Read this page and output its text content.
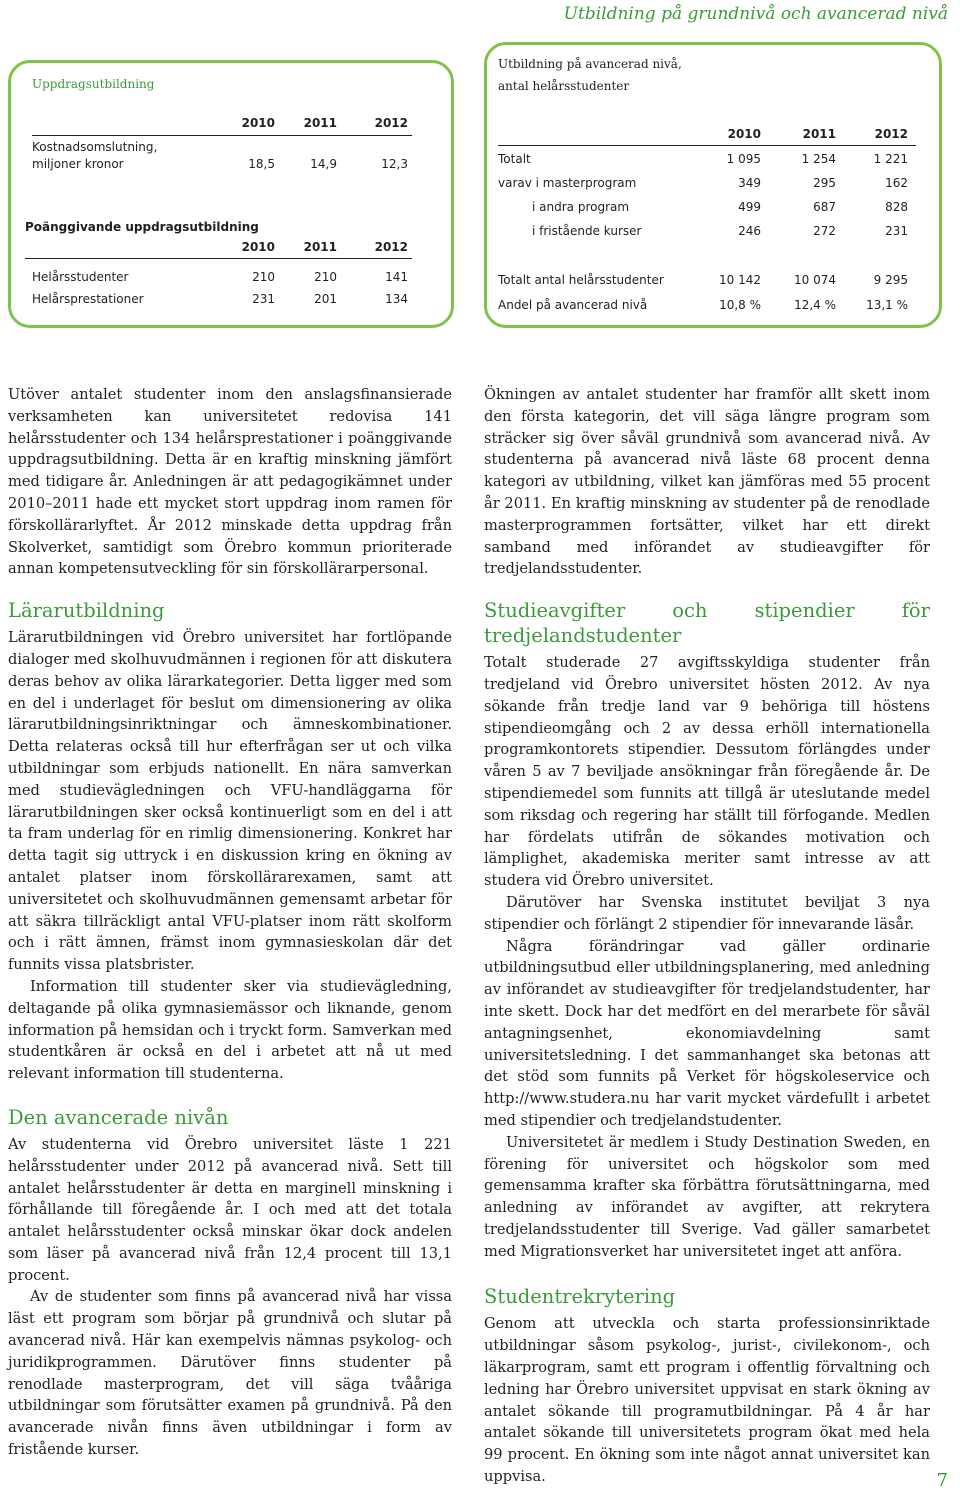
Utbildning på grundnivå och avancerad nivå
Uppdragsutbildning
2010	2011	2012
Kostnadsomslutning,
miljoner kronor	18,5	14,9	12,3
Poänggivande uppdragsutbildning
2010	2011	2012
Helårsstudenter	210	210	141
Helårsprestationer	231	201	134
Utbildning på avancerad nivå,
antal helårsstudenter
2010	2011	2012
Totalt	1 095	1 254	1 221
varav i masterprogram	349	295	162
i andra program	499	687	828
i fristående kurser	246	272	231
Totalt antal helårsstudenter	10 142	10 074	9 295
Andel på avancerad nivå	10,8 %	12,4 %	13,1 %

Utöver antalet studenter inom den anslagsfinansierade verksamheten kan universitetet redovisa 141 helårsstudenter och 134 helårsprestationer i poänggivande uppdragsutbildning. Detta är en kraftig minskning jämfört med tidigare år. Anledningen är att pedagogikämnet under 2010–2011 hade ett mycket stort uppdrag inom ramen för förskollärarlyftet. År 2012 minskade detta uppdrag från Skolverket, samtidigt som Örebro kommun prioriterade annan kompetensutveckling för sin förskollärarpersonal.

Lärarutbildning

Lärarutbildningen vid Örebro universitet har fortlöpande dialoger med skolhuvudmännen i regionen för att diskutera deras behov av olika lärarkategorier. Detta ligger med som en del i underlaget för beslut om dimensionering av olika lärarutbildningsinriktningar och ämneskombinationer. Detta relateras också till hur efterfrågan ser ut och vilka utbildningar som erbjuds nationellt. En nära samverkan med studievägledningen och VFU-handläggarna för lärarutbildningen sker också kontinuerligt som en del i att ta fram underlag för en rimlig dimensionering. Konkret har detta tagit sig uttryck i en diskussion kring en ökning av antalet platser inom förskollärarexamen, samt att universitetet och skolhuvudmännen gemensamt arbetar för att säkra tillräckligt antal VFU-platser inom rätt skolform och i rätt ämnen, främst inom gymnasieskolan där det funnits vissa platsbrister.

Information till studenter sker via studievägledning, deltagande på olika gymnasiemässor och liknande, genom information på hemsidan och i tryckt form. Samverkan med studentkåren är också en del i arbetet att nå ut med relevant information till studenterna.

Den avancerade nivån

Av studenterna vid Örebro universitet läste 1 221 helårsstudenter under 2012 på avancerad nivå. Sett till antalet helårsstudenter är detta en marginell minskning i förhållande till föregående år. I och med att det totala antalet helårsstudenter också minskar ökar dock andelen som läser på avancerad nivå från 12,4 procent till 13,1 procent.

Av de studenter som finns på avancerad nivå har vissa läst ett program som börjar på grundnivå och slutar på avancerad nivå. Här kan exempelvis nämnas psykolog- och juridikprogrammen. Därutöver finns studenter på renodlade masterprogram, det vill säga tvååriga utbildningar som förutsätter examen på grundnivå. På den avancerade nivån finns även utbildningar i form av fristående kurser.

Ökningen av antalet studenter har framför allt skett inom den första kategorin, det vill säga längre program som sträcker sig över såväl grundnivå som avancerad nivå. Av studenterna på avancerad nivå läste 68 procent denna kategori av utbildning, vilket kan jämföras med 55 procent år 2011. En kraftig minskning av studenter på de renodlade masterprogrammen fortsätter, vilket har ett direkt samband med införandet av studieavgifter för tredjelandsstudenter.

Studieavgifter och stipendier för tredjelandstudenter

Totalt studerade 27 avgiftsskyldiga studenter från tredjeland vid Örebro universitet hösten 2012. Av nya sökande från tredje land var 9 behöriga till höstens stipendieomgång och 2 av dessa erhöll internationella programkontorets stipendier. Dessutom förlängdes under våren 5 av 7 beviljade ansökningar från föregående år. De stipendiemedel som funnits att tillgå är uteslutande medel som riksdag och regering har ställt till förfogande. Medlen har fördelats utifrån de sökandes motivation och lämplighet, akademiska meriter samt intresse av att studera vid Örebro universitet.

Därutöver har Svenska institutet beviljat 3 nya stipendier och förlängt 2 stipendier för innevarande läsår.

Några förändringar vad gäller ordinarie utbildningsutbud eller utbildningsplanering, med anledning av införandet av studieavgifter för tredjelandstudenter, har inte skett. Dock har det medfört en del merarbete för såväl antagningsenhet, ekonomiavdelning samt universitetsledning. I det sammanhanget ska betonas att det stöd som funnits på Verket för högskoleservice och http://www.studera.nu har varit mycket värdefullt i arbetet med stipendier och tredjelandstudenter.

Universitetet är medlem i Study Destination Sweden, en förening för universitet och högskolor som med gemensamma krafter ska förbättra förutsättningarna, med anledning av införandet av avgifter, att rekrytera tredjelandsstudenter till Sverige. Vad gäller samarbetet med Migrationsverket har universitetet inget att anföra.

Studentrekrytering

Genom att utveckla och starta professionsinriktade utbildningar såsom psykolog-, jurist-, civilekonom-, och läkarprogram, samt ett program i offentlig förvaltning och ledning har Örebro universitet uppvisat en stark ökning av antalet sökande till programutbildningar. På 4 år har antalet sökande till universitetets program ökat med hela 99 procent. En ökning som inte något annat universitet kan uppvisa.	7
